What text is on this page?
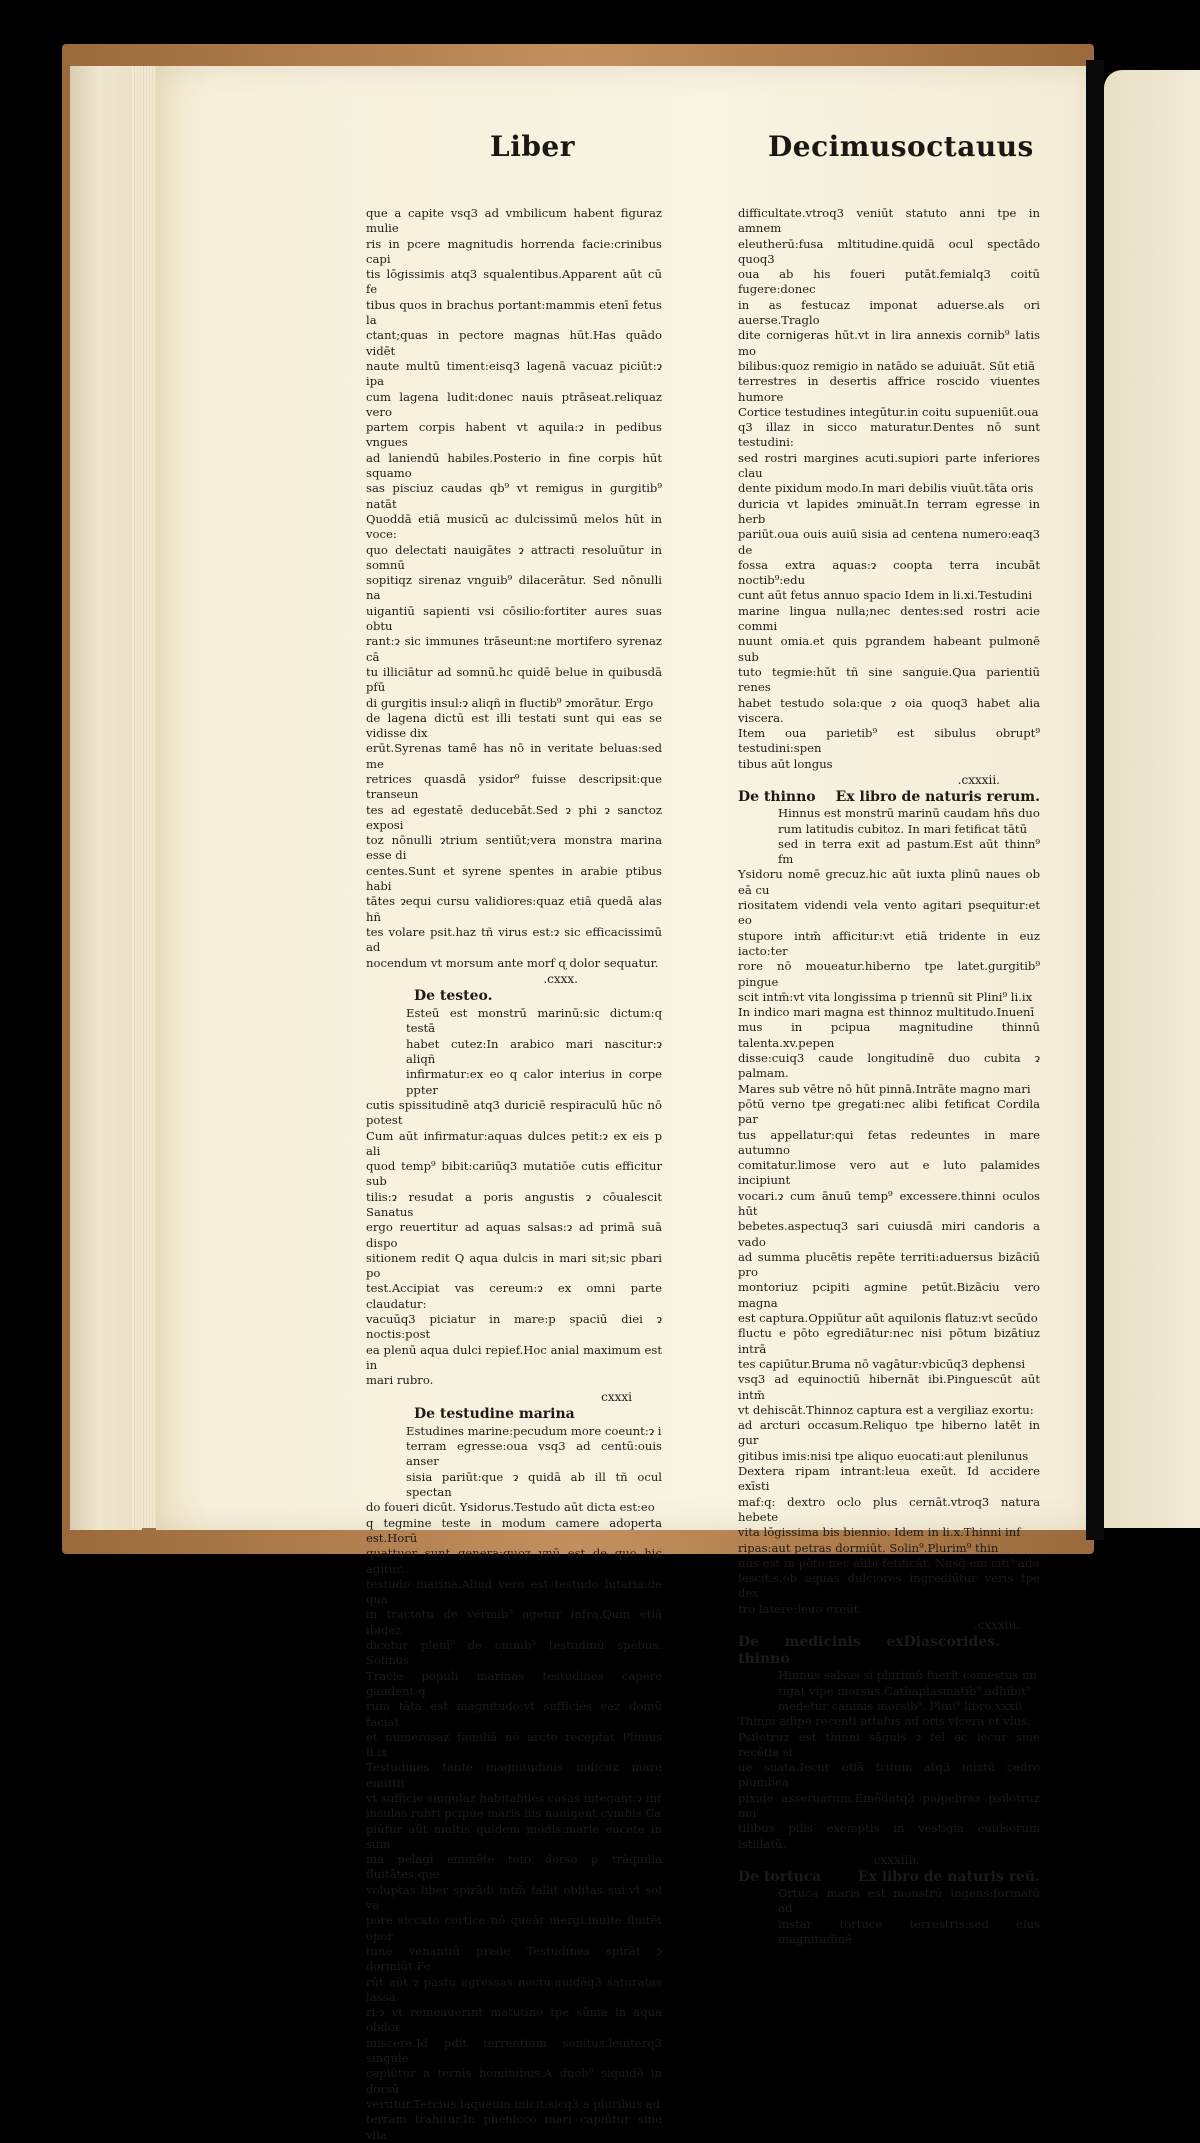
Liber	Decimusoctauus

que a capite vsq3 ad vmbilicum habent figuraz mulie

ris in pcere magnitudis horrenda facie:crinibus capi

tis lōgissimis atq3 squalentibus.Apparent aūt cū fe

tibus quos in brachus portant:mammis etenī fetus la

ctant;quas in pectore magnas hūt.Has quādo vidēt

naute multū timent:eisq3 lagenā vacuaz piciūt:ɂ ipa

cum lagena ludit:donec nauis ptrāseat.reliquaz vero

partem corpis habent vt aquila:ɂ in pedibus vngues

ad laniendū habiles.Posterio in fine corpis hūt squamo

sas pisciuz caudas qb⁹ vt remigus in gurgitib⁹ natāt

Quoddā etiā musicū ac dulcissimū melos hūt in voce:

quo delectati nauigātes ɂ attracti resoluūtur in somnū

sopitiqz sirenaz vnguib⁹ dilacerātur. Sed nōnulli na

uigantiū sapienti vsi cōsilio:fortiter aures suas obtu

rant:ɂ sic immunes trāseunt:ne mortifero syrenaz cā

tu illiciātur ad somnū.hc quidē belue in quibusdā pfū

di gurgitis insul:ɂ aliqñ in fluctib⁹ ɂmorātur. Ergo

de lagena dictū est illi testati sunt qui eas se vidisse dix

erūt.Syrenas tamē has nō in veritate beluas:sed me

retrices quasdā ysidor⁹ fuisse descripsit:que transeun

tes ad egestatē deducebāt.Sed ɂ phi ɂ sanctoz exposi

toz nōnulli ɂtrium sentiūt;vera monstra marina esse di

centes.Sunt et syrene spentes in arabie ptibus habi

tātes ɂequi cursu validiores:quaz etiā quedā alas hñ

tes volare psit.haz tñ virus est:ɂ sic efficacissimū ad

nocendum vt morsum ante morf ɋ dolor sequatur.

.cxxx.
De testeo.

Esteū est monstrū marinū:sic dictum:q testā

habet cutez:In arabico mari nascitur:ɂ aliqñ

infirmatur:ex eo q calor interius in corpe ppter

cutis spissitudinē atq3 duriciē respiraculū hūc nō potest

Cum aūt infirmatur:aquas dulces petit:ɂ ex eis p ali

quod temp⁹ bibit:cariūq3 mutatiōe cutis efficitur sub

tilis:ɂ resudat a poris angustis ɂ cōualescit Sanatus

ergo reuertitur ad aquas salsas:ɂ ad primā suā dispo

sitionem redit Q aqua dulcis in mari sit;sic pbari po

test.Accipiat vas cereum:ɂ ex omni parte claudatur:

vacuūq3 piciatur in mare:p spaciū diei ɂ noctis:post

ea plenū aqua dulci repief.Hoc anial maximum est in

mari rubro.

cxxxi
De testudine marina

Estudines marine:pecudum more coeunt:ɂ i

terram egresse:oua vsq3 ad centū:ouis anser

sisia pariūt:que ɂ quidā ab ill tñ ocul spectan

do foueri dicūt. Ysidorus.Testudo aūt dicta est:eo

q tegmine teste in modum camere adoperta est.Horū

quattuor sunt genera:quoz vnū est de quo hic agitur.

testudo marina.Aliud vero est testudo lutaria:de qua

in tractatu de vermib⁹ agetur infra.Quin etiā ibidez

dicetur plenī⁹ de omnib⁹ testudinū spēbus. Solinus

Tracie populi marinas testudines capere gaudent:q

rum tāta est magnitudo:vt sufficiēs eaz domū faciat

et numerosaz familiā nō arcte receptat Plinius li.ix

Testudines tante magnitudinis indicuz mare emittit

vt sufficie singulaz habitabiles casas integant:ɂ inf

insulas rubri pcipue maris his nauigent cymbis.Ca

piūtur aūt multis quidem modis:marie eucete in sum

ma pelagi eminēte toto dorso p trāquilla fluitātes:que

voluptas liber spirādi intm̄ fallit oblitas sui:vt sol va

pore siccato cortice nō queāt mergi:inuite fluitēt opor

tune venantiū prede Testudines spirāt ɂ dormiūt.Fe

rūt aūt ɂ pastu egressas noctu.auidēq3 saturatas lassa

ri:ɂ vt remeauerint matutino tpe sūma in aqua obdor

miscere.Id pdit terrentium sonitus.leuiterq3 singule

capiūtur a ternis hominibus.A duob⁹ siquidē in dorsū

vertitur.Tercius laqueum inicit:sicq3 a pluribus ad

terram trahitur.In phenicco mari capiūtur sine vlla

difficultate.vtroq3 veniūt statuto anni tpe in amnem

eleutherū:fusa mltitudine.quidā ocul spectādo quoq3

oua ab his foueri putāt.femialq3 coitū fugere:donec

in as festucaz imponat aduerse.als ori auerse.Traglo

dite cornigeras hūt.vt in lira annexis cornib⁹ latis mo

bilibus:quoz remigio in natādo se aduiuāt. Sūt etiā

terrestres in desertis affrice roscido viuentes humore

Cortice testudines integūtur.in coitu supueniūt.oua

q3 illaz in sicco maturatur.Dentes nō sunt testudini:

sed rostri margines acuti.supiori parte inferiores clau

dente pixidum modo.In mari debilis viuūt.tāta oris

duricia vt lapides ɂminuāt.In terram egresse in herb

pariūt.oua ouis auiū sisia ad centena numero:eaq3 de

fossa extra aquas:ɂ coopta terra incubāt noctib⁹:edu

cunt aūt fetus annuo spacio Idem in li.xi.Testudini

marine lingua nulla;nec dentes:sed rostri acie commi

nuunt omia.et quis pgrandem habeant pulmonē sub

tuto tegmie:hūt tñ sine sanguie.Qua parientiū renes

habet testudo sola:que ɂ oia quoq3 habet alia viscera.

Item oua parietib⁹ est sibulus obrupt⁹ testudini:spen

tibus aūt longus

.cxxxii.
De thinno Ex libro de naturis rerum.

Hinnus est monstrū marinū caudam hñs duo

rum latitudis cubitoz. In mari fetificat tātū

sed in terra exit ad pastum.Est aūt thinn⁹ fm

Ysidoru nomē grecuz.hic aūt iuxta plinū naues ob eā cu

riositatem videndi vela vento agitari psequitur:et eo

stupore intm̄ afficitur:vt etiā tridente in euz iacto:ter

rore nō moueatur.hiberno tpe latet.gurgitib⁹ pingue

scit intm̄:vt vita longissima p triennū sit Plini⁹ li.ix

In indico mari magna est thinnoz multitudo.Inuenī

mus in pcipua magnitudine thinnū talenta.xv.pepen

disse:cuiq3 caude longitudinē duo cubita ɂ palmam.

Mares sub vētre nō hūt pinnā.Intrāte magno mari

pōtū verno tpe gregati:nec alibi fetificat Cordila par

tus appellatur:qui fetas redeuntes in mare autumno

comitatur.limose vero aut e luto palamides incipiunt

vocari.ɂ cum ānuū temp⁹ excessere.thinni oculos hūt

bebetes.aspectuq3 sari cuiusdā miri candoris a vado

ad summa plucētis repēte territi:aduersus bizāciū pro

montoriuz pcipiti agmine petūt.Bizāciu vero magna

est captura.Oppiūtur aūt aquilonis flatuz:vt secūdo

fluctu e pōto egrediātur:nec nisi pōtum bizātiuz intrā

tes capiūtur.Bruma nō vagātur:vbicūq3 dephensi

vsq3 ad equinoctiū hibernāt ibi.Pinguescūt aūt intm̄

vt dehiscāt.Thinnoz captura est a vergiliaz exortu:

ad arcturi occasum.Reliquo tpe hiberno latēt in gur

gitibus imis:nisi tpe aliquo euocati:aut plenilunus

Dextera ripam intrant:leua exeūt. Id accidere exīsti

maf:q: dextro oclo plus cernāt.vtroq3 natura hebete

vita lōgissima bis biennio. Idem in li.x.Thinni inf

ripas:aut petras dormiūt. Solin⁹.Plurim⁹ thin

nus est in pōto:nec alibi fetificāt. Nusq̄ em citi⁹ ado

lescit.s.ob aquas dulciores ingrediūtur veris tpe dex

tro latere:leuo exeūt.

.cxxxiii.
De medicinis ex thinno
Diascorides.

Hinnus salsus si plurimū fuerit comestus mi

tigat vipe morsus.Cathaplasmatib⁹ adhibit⁹

medetur caninis morsib⁹. Plini⁹ libro.xxxii

Thinni adipe recenti attalus ad oris vlcera et vlus.

Psilotruz est thinni sāguis ɂ fel ac iecur siue recētia si

ue suata.Iecur etiā tritum atq3 mixtū cedro plumbea

pixide asseruarum.Emēdatq3 palpebras psilotruz mu

tilibus pilis exemptis in vestigia euulsorum istillatū.

cxxxiiii.
De tortuca	Ex libro de naturis reū.

Ortuca maris est monstrū ingens:formatū ad

instar tortuce terrestris:sed eius magnitudinē
